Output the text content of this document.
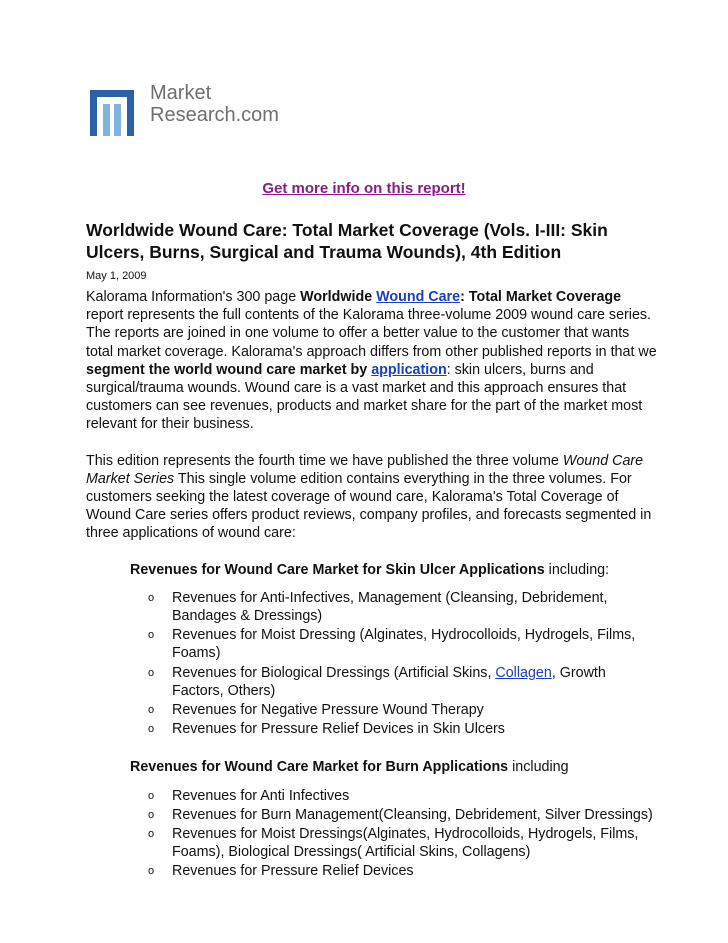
Market
Research.com
Get more info on this report!
Worldwide Wound Care: Total Market Coverage (Vols. I-III: Skin Ulcers, Burns, Surgical and Trauma Wounds), 4th Edition
May 1, 2009

Kalorama Information's 300 page Worldwide Wound Care: Total Market Coverage report represents the full contents of the Kalorama three-volume 2009 wound care series. The reports are joined in one volume to offer a better value to the customer that wants total market coverage. Kalorama's approach differs from other published reports in that we segment the world wound care market by application: skin ulcers, burns and surgical/trauma wounds. Wound care is a vast market and this approach ensures that customers can see revenues, products and market share for the part of the market most relevant for their business.

This edition represents the fourth time we have published the three volume Wound Care Market Series This single volume edition contains everything in the three volumes. For customers seeking the latest coverage of wound care, Kalorama's Total Coverage of Wound Care series offers product reviews, company profiles, and forecasts segmented in three applications of wound care:

Revenues for Wound Care Market for Skin Ulcer Applications including:
o Revenues for Anti-Infectives, Management (Cleansing, Debridement, Bandages & Dressings)
o Revenues for Moist Dressing (Alginates, Hydrocolloids, Hydrogels, Films, Foams)
o Revenues for Biological Dressings (Artificial Skins, Collagen, Growth Factors, Others)
o Revenues for Negative Pressure Wound Therapy
o Revenues for Pressure Relief Devices in Skin Ulcers
Revenues for Wound Care Market for Burn Applications including
o Revenues for Anti Infectives
o Revenues for Burn Management(Cleansing, Debridement, Silver Dressings)
o Revenues for Moist Dressings(Alginates, Hydrocolloids, Hydrogels, Films, Foams), Biological Dressings( Artificial Skins, Collagens)
o Revenues for Pressure Relief Devices
